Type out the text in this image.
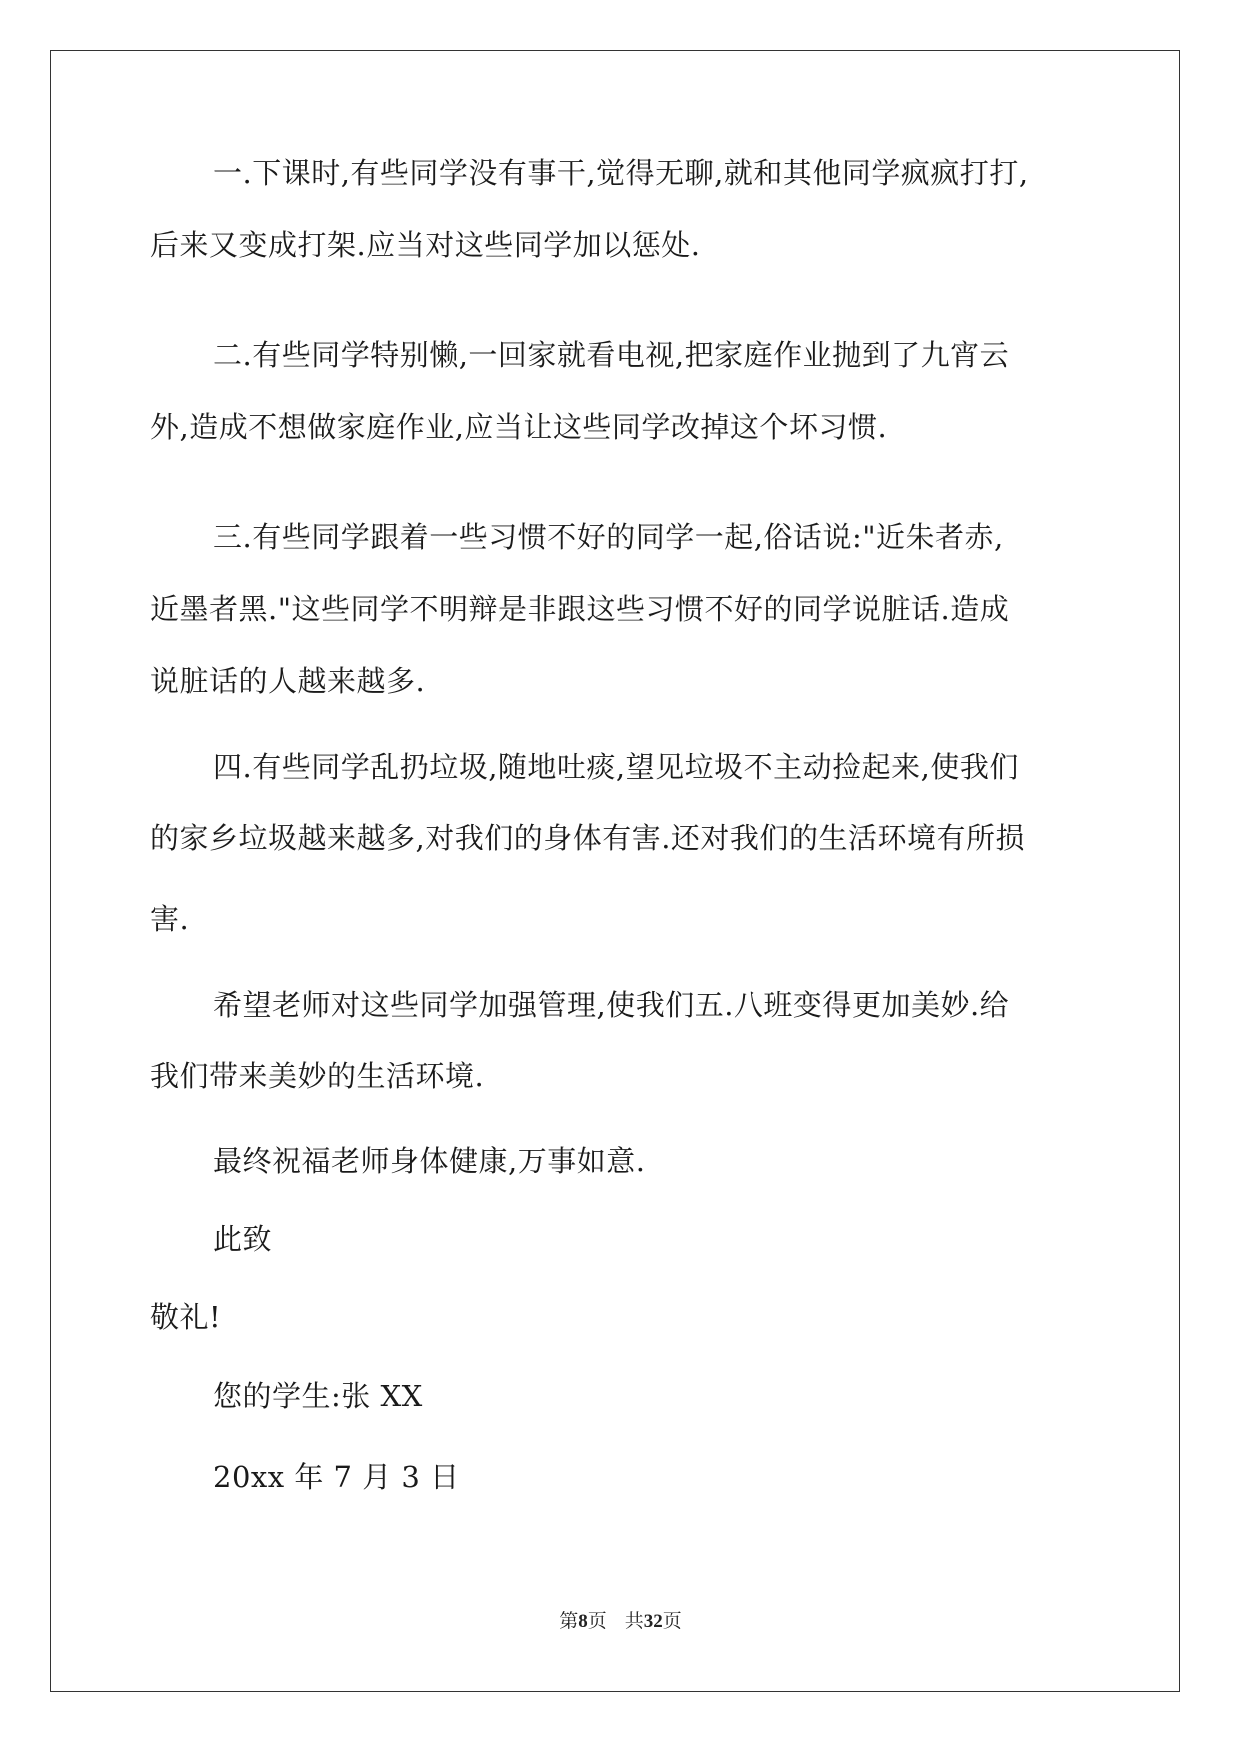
一.下课时,有些同学没有事干,觉得无聊,就和其他同学疯疯打打,
后来又变成打架.应当对这些同学加以惩处.
二.有些同学特别懒,一回家就看电视,把家庭作业抛到了九宵云
外,造成不想做家庭作业,应当让这些同学改掉这个坏习惯.
三.有些同学跟着一些习惯不好的同学一起,俗话说:"近朱者赤,
近墨者黑."这些同学不明辩是非跟这些习惯不好的同学说脏话.造成
说脏话的人越来越多.
四.有些同学乱扔垃圾,随地吐痰,望见垃圾不主动捡起来,使我们
的家乡垃圾越来越多,对我们的身体有害.还对我们的生活环境有所损
害.
希望老师对这些同学加强管理,使我们五.八班变得更加美妙.给
我们带来美妙的生活环境.
最终祝福老师身体健康,万事如意.
此致
敬礼!
您的学生:张 XX
20xx 年 7 月 3 日
第8页 共32页
